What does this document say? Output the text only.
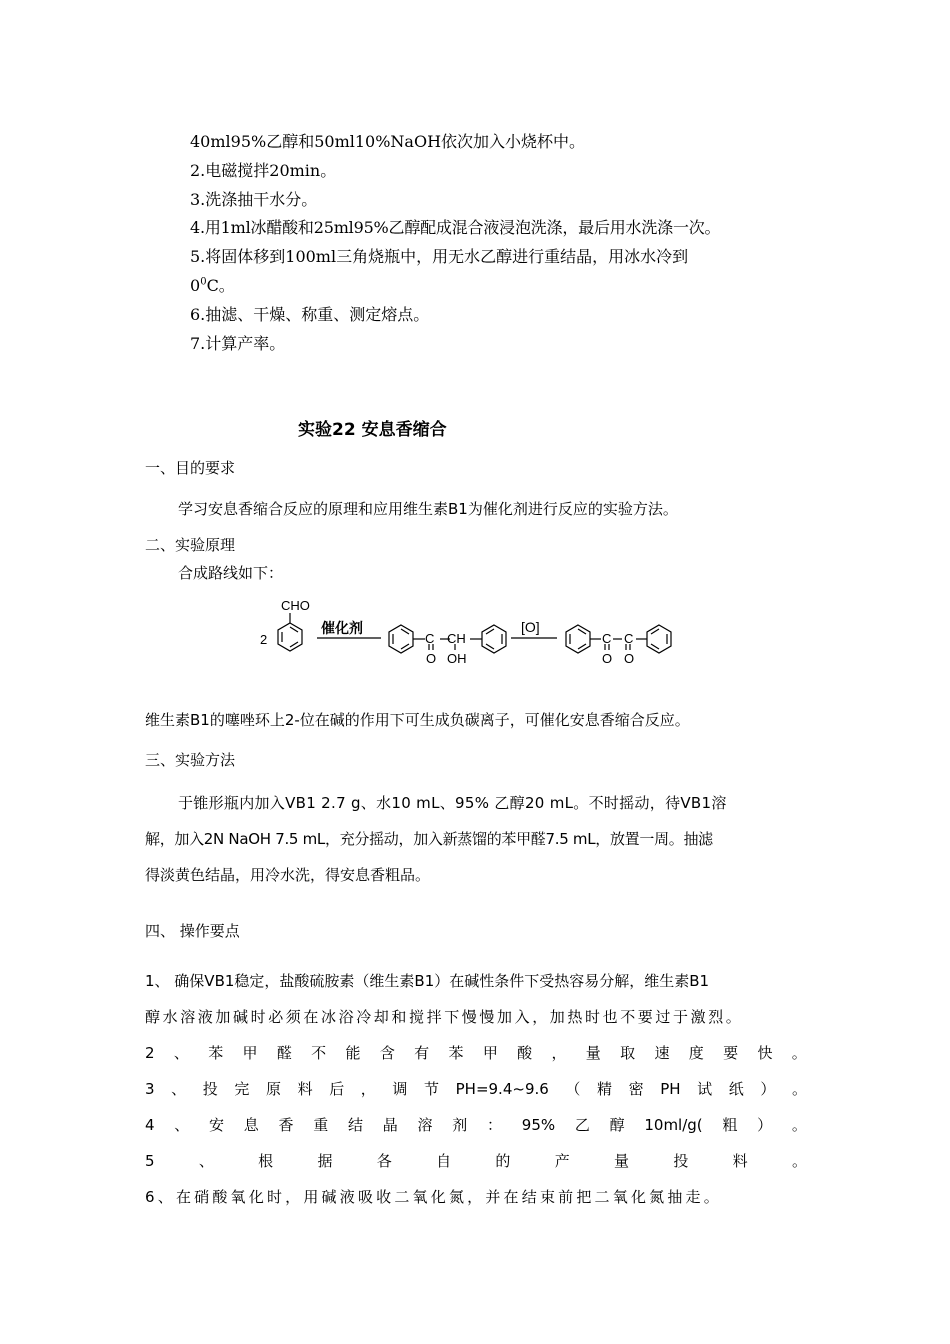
40ml95%乙醇和50ml10%NaOH依次加入小烧杯中。
2.电磁搅拌20min。
3.洗涤抽干水分。
4.用1ml冰醋酸和25ml95%乙醇配成混合液浸泡洗涤，最后用水洗涤一次。
5.将固体移到100ml三角烧瓶中，用无水乙醇进行重结晶，用冰水冷到
$0^0C$。
6.抽滤、干燥、称重、测定熔点。
7.计算产率。
实验22 安息香缩合
一、目的要求
学习安息香缩合反应的原理和应用维生素B1为催化剂进行反应的实验方法。
二、实验原理
合成路线如下：
2
CHO
催化剂
C CH
O OH
[O]
C C
O O
维生素B1的噻唑环上2-位在碱的作用下可生成负碳离子，可催化安息香缩合反应。
三、实验方法
于锥形瓶内加入VB1 2.7 g、水10 mL、95% 乙醇20 mL。不时摇动，待VB1溶
解，加入2N NaOH 7.5 mL，充分摇动，加入新蒸馏的苯甲醛7.5 mL，放置一周。抽滤
得淡黄色结晶，用冷水洗，得安息香粗品。
四、 操作要点
1、 确保VB1稳定，盐酸硫胺素（维生素B1）在碱性条件下受热容易分解，维生素B1
醇水溶液加碱时必须在冰浴冷却和搅拌下慢慢加入，加热时也不要过于激烈。
2 、 苯 甲 醛 不 能 含 有 苯 甲 酸 ， 量 取 速 度 要 快 。
3 、 投 完 原 料 后 ， 调 节 PH=9.4~9.6 （ 精 密 PH 试 纸 ） 。
4 、 安 息 香 重 结 晶 溶 剂 ： 95% 乙 醇 10ml/g( 粗 ） 。
5	、	根	据	各	自	的	产	量	投	料	。
6、在硝酸氧化时，用碱液吸收二氧化氮，并在结束前把二氧化氮抽走。
